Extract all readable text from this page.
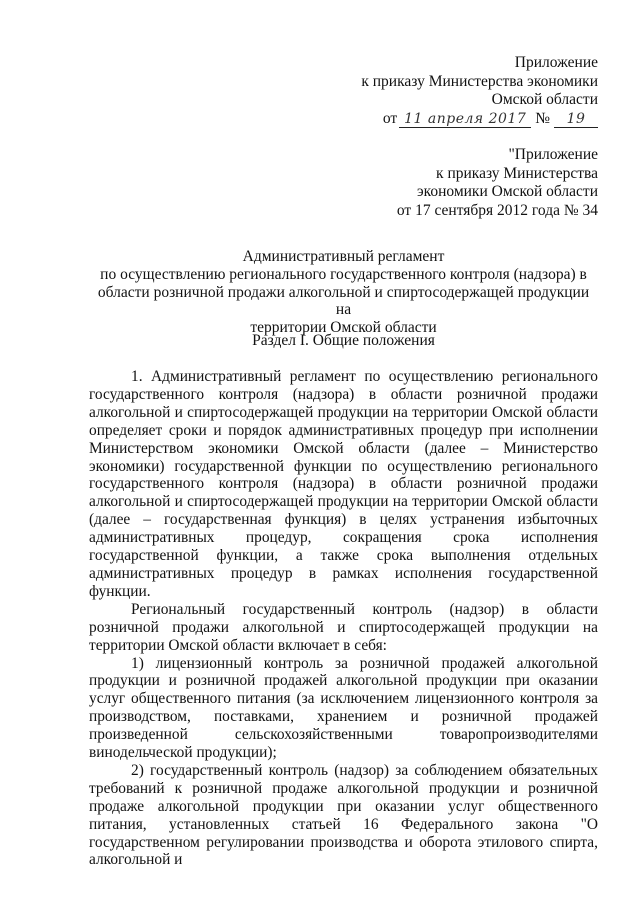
Приложение
к приказу Министерства экономики
Омской области
от 11 апреля 2017 № 19
"Приложение
к приказу Министерства
экономики Омской области
от 17 сентября 2012 года № 34

Административный регламент

по осуществлению регионального государственного контроля (надзора) в

области розничной продажи алкогольной и спиртосодержащей продукции на

территории Омской области

Раздел I. Общие положения

1. Административный регламент по осуществлению регионального государственного контроля (надзора) в области розничной продажи алкогольной и спиртосодержащей продукции на территории Омской области определяет сроки и порядок административных процедур при исполнении Министерством экономики Омской области (далее – Министерство экономики) государственной функции по осуществлению регионального государственного контроля (надзора) в области розничной продажи алкогольной и спиртосодержащей продукции на территории Омской области (далее – государственная функция) в целях устранения избыточных административных процедур, сокращения срока исполнения государственной функции, а также срока выполнения отдельных административных процедур в рамках исполнения государственной функции.

Региональный государственный контроль (надзор) в области розничной продажи алкогольной и спиртосодержащей продукции на территории Омской области включает в себя:

1) лицензионный контроль за розничной продажей алкогольной продукции и розничной продажей алкогольной продукции при оказании услуг общественного питания (за исключением лицензионного контроля за производством, поставками, хранением и розничной продажей произведенной сельскохозяйственными товаропроизводителями винодельческой продукции);

2) государственный контроль (надзор) за соблюдением обязательных требований к розничной продаже алкогольной продукции и розничной продаже алкогольной продукции при оказании услуг общественного питания, установленных статьей 16 Федерального закона "О государственном регулировании производства и оборота этилового спирта, алкогольной и
